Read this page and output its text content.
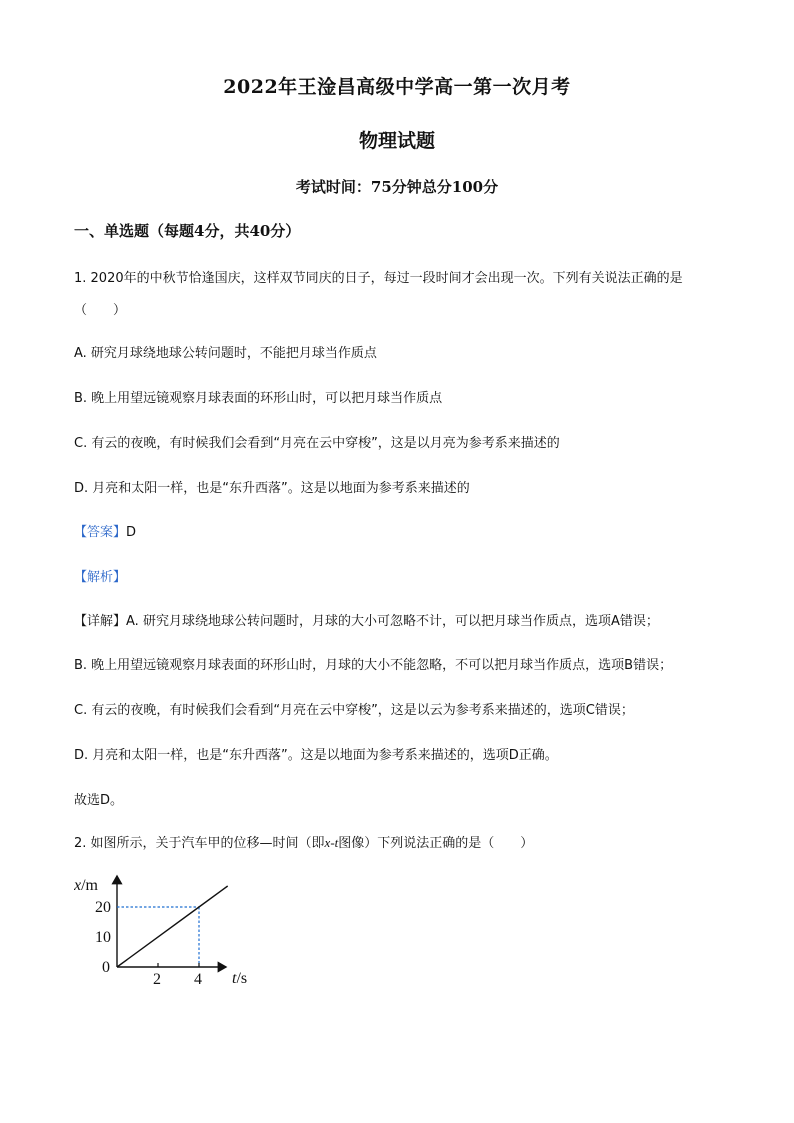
2022年王淦昌高级中学高一第一次月考
物理试题
考试时间：75分钟总分100分
一、单选题（每题4分，共40分）
1. 2020年的中秋节恰逢国庆，这样双节同庆的日子，每过一段时间才会出现一次。下列有关说法正确的是
（　　）
A. 研究月球绕地球公转问题时，不能把月球当作质点
B. 晚上用望远镜观察月球表面的环形山时，可以把月球当作质点
C. 有云的夜晚，有时候我们会看到“月亮在云中穿梭”，这是以月亮为参考系来描述的
D. 月亮和太阳一样，也是“东升西落”。这是以地面为参考系来描述的
【答案】D
【解析】
【详解】A. 研究月球绕地球公转问题时，月球的大小可忽略不计，可以把月球当作质点，选项A错误；
B. 晚上用望远镜观察月球表面的环形山时，月球的大小不能忽略，不可以把月球当作质点，选项B错误；
C. 有云的夜晚，有时候我们会看到“月亮在云中穿梭”，这是以云为参考系来描述的，选项C错误；
D. 月亮和太阳一样，也是“东升西落”。这是以地面为参考系来描述的，选项D正确。
故选D。
2. 如图所示，关于汽车甲的位移—时间（即x-t图像）下列说法正确的是（　　）
2 4
10
20
x/m
t/s
0
